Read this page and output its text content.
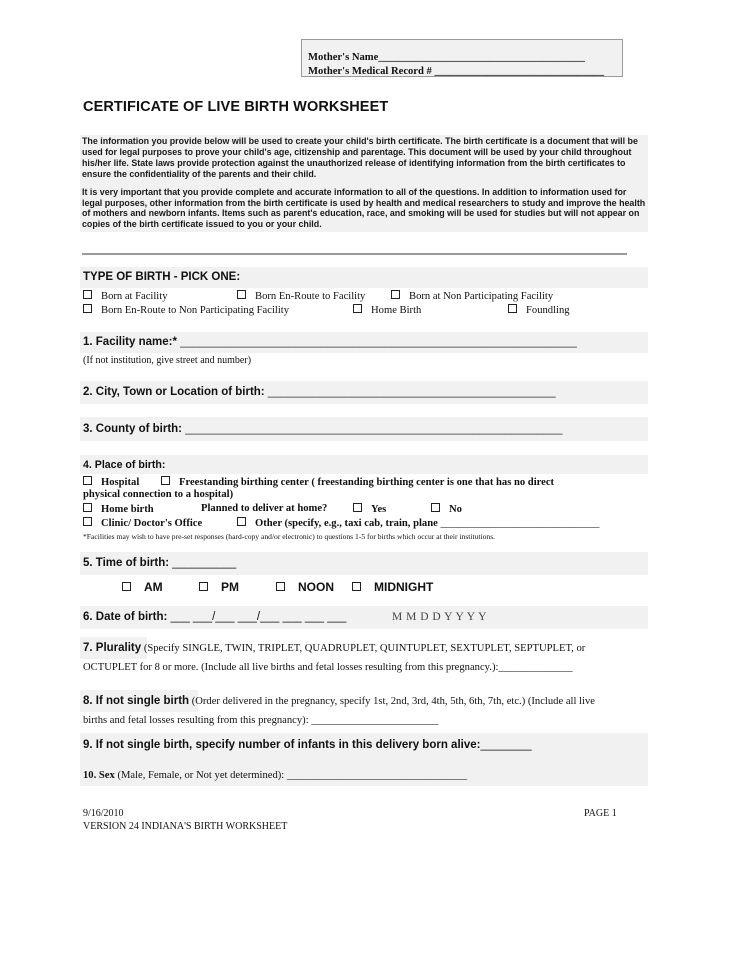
Mother's Name_______________________________________
Mother's Medical Record # ________________________________
CERTIFICATE OF LIVE BIRTH WORKSHEET

The information you provide below will be used to create your child's birth certificate. The birth certificate is a document that will be used for legal purposes to prove your child's age, citizenship and parentage. This document will be used by your child throughout his/her life. State laws provide protection against the unauthorized release of identifying information from the birth certificates to ensure the confidentiality of the parents and their child.

It is very important that you provide complete and accurate information to all of the questions. In addition to information used for legal purposes, other information from the birth certificate is used by health and medical researchers to study and improve the health of mothers and newborn infants. Items such as parent's education, race, and smoking will be used for studies but will not appear on copies of the birth certificate issued to you or your child.

TYPE OF BIRTH - PICK ONE:
Born at Facility	Born En-Route to Facility	Born at Non Participating Facility
Born En-Route to Non Participating Facility	Home Birth	Foundling
1. Facility name:* ______________________________________________________________
(If not institution, give street and number)
2. City, Town or Location of birth: _____________________________________________
3. County of birth: ___________________________________________________________
4. Place of birth:
Hospital	Freestanding birthing center ( freestanding birthing center is one that has no direct
physical connection to a hospital)
Home birth	Planned to deliver at home?	Yes	No
Clinic/ Doctor's Office	Other (specify, e.g., taxi cab, train, plane ______________________________
*Facilities may wish to have pre-set responses (hard-copy and/or electronic) to questions 1-5 for births which occur at their institutions.
5. Time of birth: __________
AM	PM	NOON	MIDNIGHT
6. Date of birth: ___ ___/___ ___/___ ___ ___ ___	M M D D Y Y Y Y
7. Plurality (Specify SINGLE, TWIN, TRIPLET, QUADRUPLET, QUINTUPLET, SEXTUPLET, SEPTUPLET, or
OCTUPLET for 8 or more. (Include all live births and fetal losses resulting from this pregnancy.):______________
8. If not single birth (Order delivered in the pregnancy, specify 1st, 2nd, 3rd, 4th, 5th, 6th, 7th, etc.) (Include all live
births and fetal losses resulting from this pregnancy): ________________________
9. If not single birth, specify number of infants in this delivery born alive:________
10. Sex (Male, Female, or Not yet determined): __________________________________
9/16/2010
VERSION 24 INDIANA'S BIRTH WORKSHEET
PAGE 1
